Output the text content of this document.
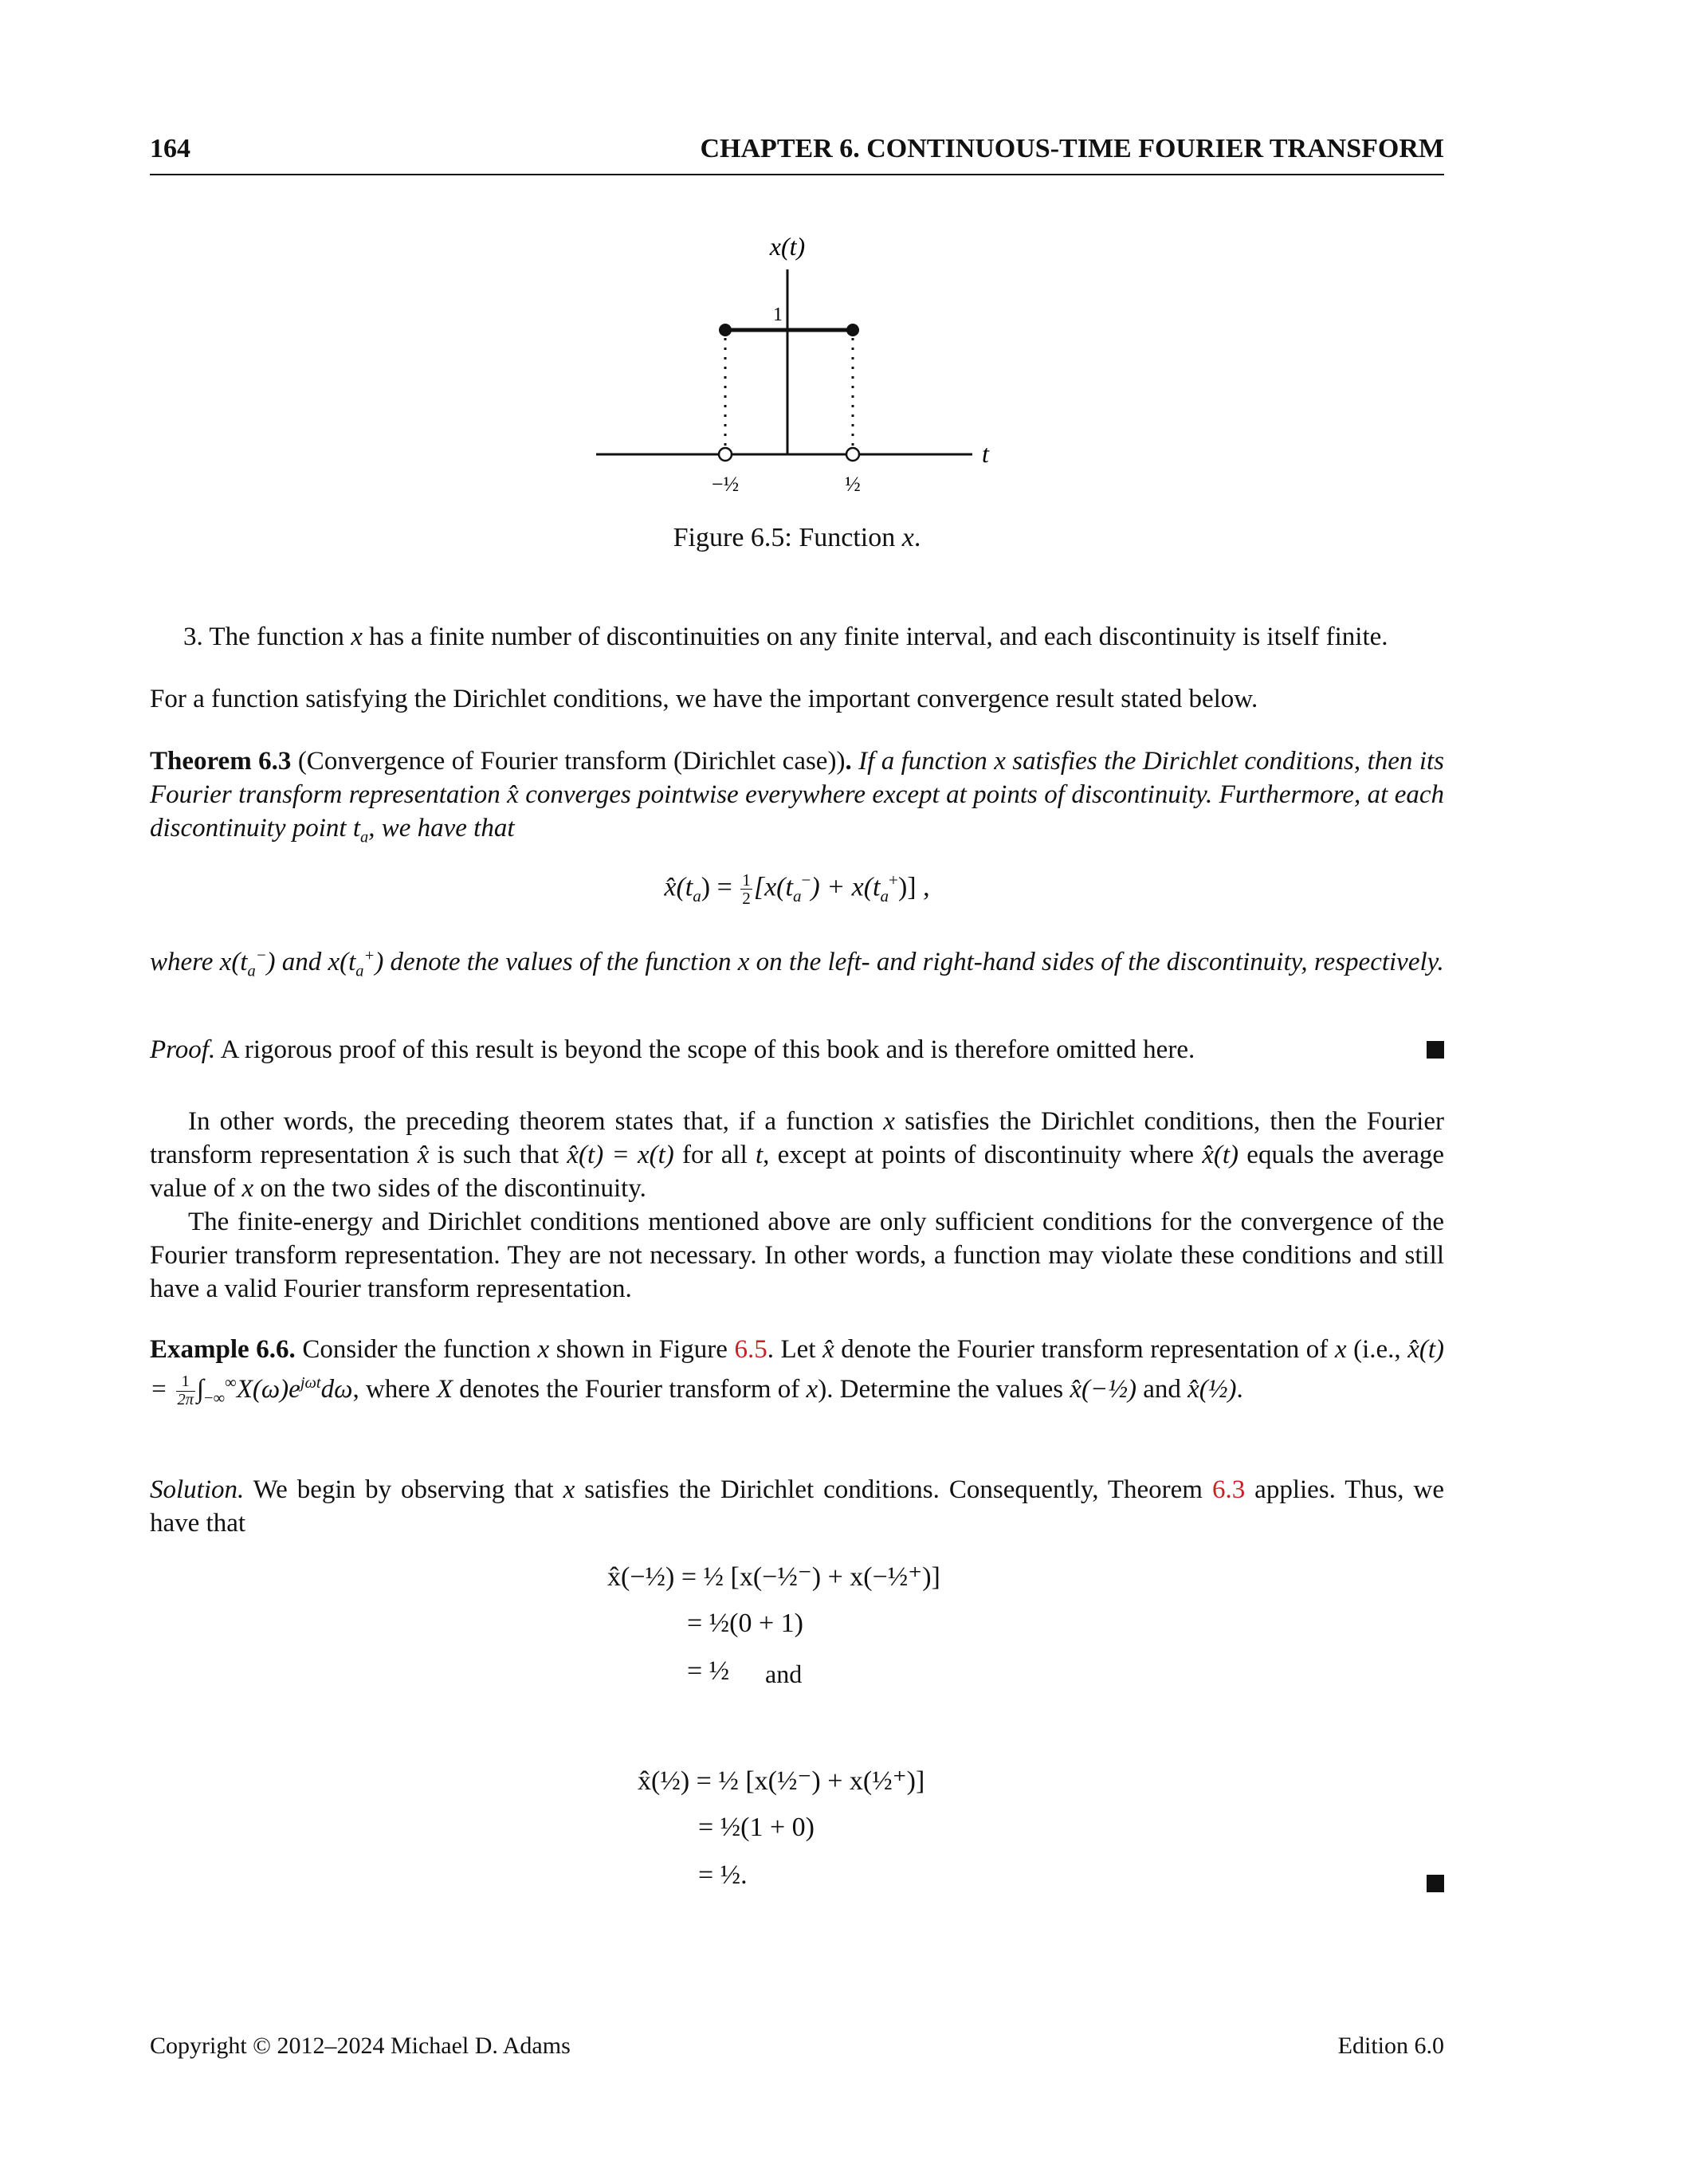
164	CHAPTER 6. CONTINUOUS-TIME FOURIER TRANSFORM
x(t)
t
1
−½	½
Figure 6.5: Function x.
3. The function x has a finite number of discontinuities on any finite interval, and each discontinuity is itself finite.
For a function satisfying the Dirichlet conditions, we have the important convergence result stated below.
Theorem 6.3 (Convergence of Fourier transform (Dirichlet case)). If a function x satisfies the Dirichlet conditions, then its Fourier transform representation x̂ converges pointwise everywhere except at points of discontinuity. Furthermore, at each discontinuity point $t_a$, we have that
$x̂(t_a) = \frac{1}{2} [x(t_a^-) + x(t_a^+)]$ ,
where $x(t_a^-)$ and $x(t_a^+)$ denote the values of the function x on the left- and right-hand sides of the discontinuity, respectively.
Proof. A rigorous proof of this result is beyond the scope of this book and is therefore omitted here.
In other words, the preceding theorem states that, if a function x satisfies the Dirichlet conditions, then the Fourier transform representation x̂ is such that x̂(t) = x(t) for all t, except at points of discontinuity where x̂(t) equals the average value of x on the two sides of the discontinuity.
The finite-energy and Dirichlet conditions mentioned above are only sufficient conditions for the convergence of the Fourier transform representation. They are not necessary. In other words, a function may violate these conditions and still have a valid Fourier transform representation.
Example 6.6. Consider the function x shown in Figure 6.5. Let x̂ denote the Fourier transform representation of x (i.e., x̂(t) = $\frac{1}{2\pi} \int_{-\infty}^\infty X(\omega)e^{j\omega t}d\omega$, where X denotes the Fourier transform of x). Determine the values x̂(−½) and x̂(½).
Solution. We begin by observing that x satisfies the Dirichlet conditions. Consequently, Theorem 6.3 applies. Thus, we have that
x̂(−½) = ½ [x(−½⁻) + x(−½⁺)]
= ½(0 + 1)
= ½ and
x̂(½) = ½ [x(½⁻) + x(½⁺)]
= ½(1 + 0)
= ½.
Copyright © 2012–2024 Michael D. Adams	Edition 6.0
